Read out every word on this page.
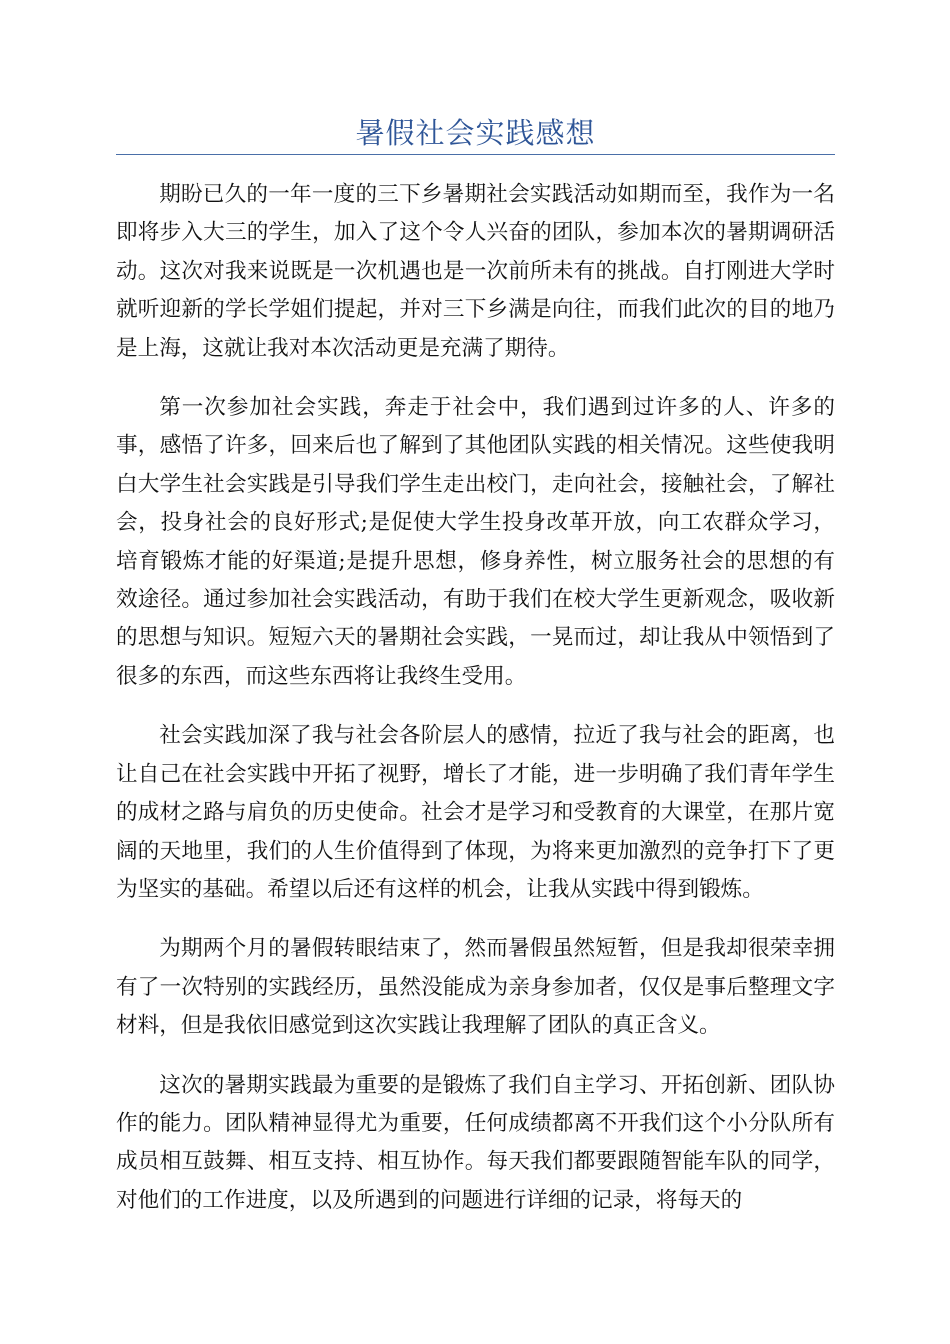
暑假社会实践感想

期盼已久的一年一度的三下乡暑期社会实践活动如期而至，我作为一名即将步入大三的学生，加入了这个令人兴奋的团队，参加本次的暑期调研活动。这次对我来说既是一次机遇也是一次前所未有的挑战。自打刚进大学时就听迎新的学长学姐们提起，并对三下乡满是向往，而我们此次的目的地乃是上海，这就让我对本次活动更是充满了期待。

第一次参加社会实践，奔走于社会中，我们遇到过许多的人、许多的事，感悟了许多，回来后也了解到了其他团队实践的相关情况。这些使我明白大学生社会实践是引导我们学生走出校门，走向社会，接触社会，了解社会，投身社会的良好形式;是促使大学生投身改革开放，向工农群众学习，培育锻炼才能的好渠道;是提升思想，修身养性，树立服务社会的思想的有效途径。通过参加社会实践活动，有助于我们在校大学生更新观念，吸收新的思想与知识。短短六天的暑期社会实践，一晃而过，却让我从中领悟到了很多的东西，而这些东西将让我终生受用。

社会实践加深了我与社会各阶层人的感情，拉近了我与社会的距离，也让自己在社会实践中开拓了视野，增长了才能，进一步明确了我们青年学生的成材之路与肩负的历史使命。社会才是学习和受教育的大课堂，在那片宽阔的天地里，我们的人生价值得到了体现，为将来更加激烈的竞争打下了更为坚实的基础。希望以后还有这样的机会，让我从实践中得到锻炼。

为期两个月的暑假转眼结束了，然而暑假虽然短暂，但是我却很荣幸拥有了一次特别的实践经历，虽然没能成为亲身参加者，仅仅是事后整理文字材料，但是我依旧感觉到这次实践让我理解了团队的真正含义。

这次的暑期实践最为重要的是锻炼了我们自主学习、开拓创新、团队协作的能力。团队精神显得尤为重要，任何成绩都离不开我们这个小分队所有成员相互鼓舞、相互支持、相互协作。每天我们都要跟随智能车队的同学，对他们的工作进度，以及所遇到的问题进行详细的记录，将每天的
